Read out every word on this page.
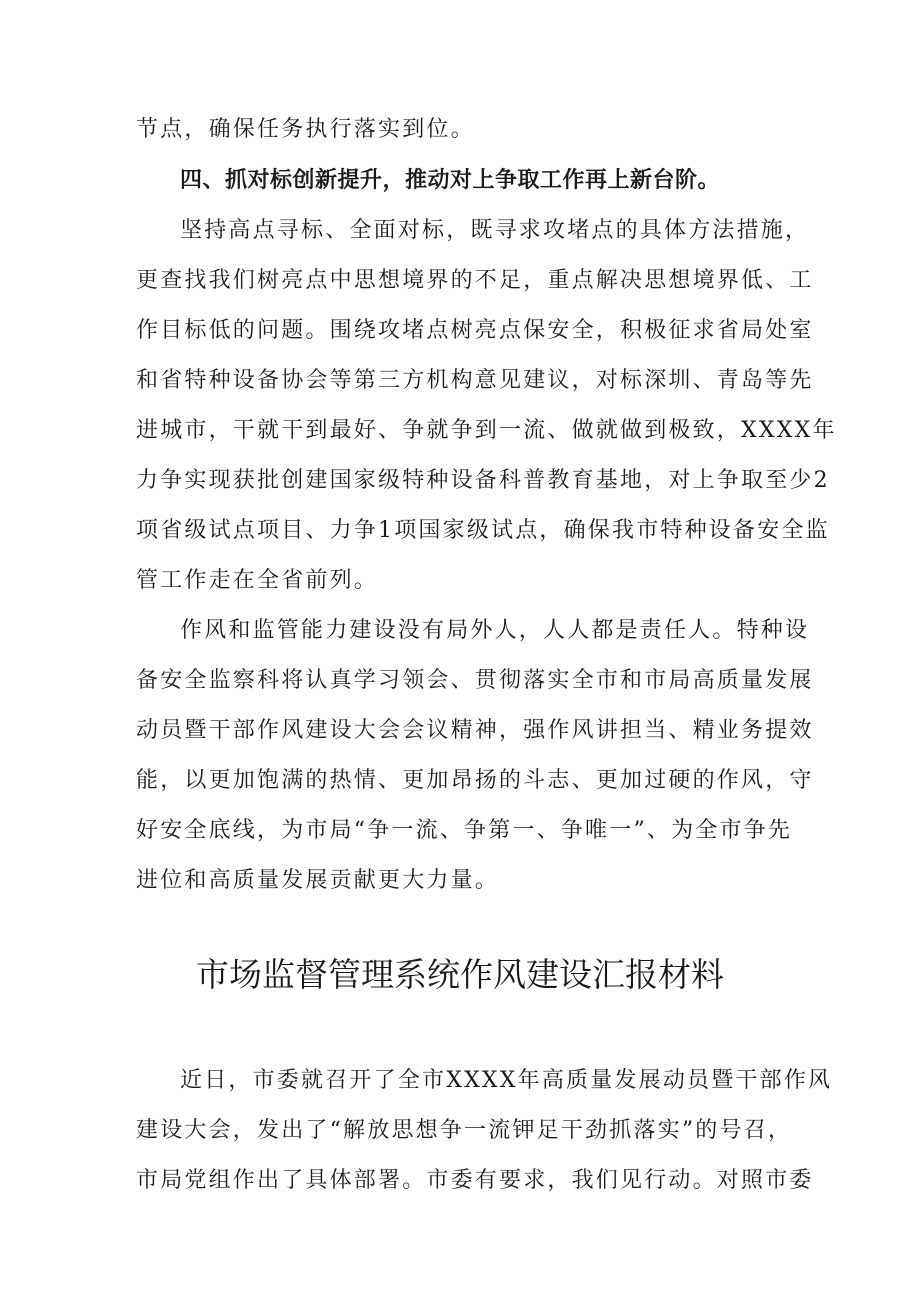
节点，确保任务执行落实到位。
四、抓对标创新提升，推动对上争取工作再上新台阶。
坚持高点寻标、全面对标，既寻求攻堵点的具体方法措施，
更查找我们树亮点中思想境界的不足，重点解决思想境界低、工
作目标低的问题。围绕攻堵点树亮点保安全，积极征求省局处室
和省特种设备协会等第三方机构意见建议，对标深圳、青岛等先
进城市，干就干到最好、争就争到一流、做就做到极致，XXXX年
力争实现获批创建国家级特种设备科普教育基地，对上争取至少2
项省级试点项目、力争1项国家级试点，确保我市特种设备安全监
管工作走在全省前列。
作风和监管能力建设没有局外人，人人都是责任人。特种设
备安全监察科将认真学习领会、贯彻落实全市和市局高质量发展
动员暨干部作风建设大会会议精神，强作风讲担当、精业务提效
能，以更加饱满的热情、更加昂扬的斗志、更加过硬的作风，守
好安全底线，为市局“争一流、争第一、争唯一”、为全市争先
进位和高质量发展贡献更大力量。
市场监督管理系统作风建设汇报材料
近日，市委就召开了全市XXXX年高质量发展动员暨干部作风
建设大会，发出了“解放思想争一流钾足干劲抓落实”的号召，
市局党组作出了具体部署。市委有要求，我们见行动。对照市委
